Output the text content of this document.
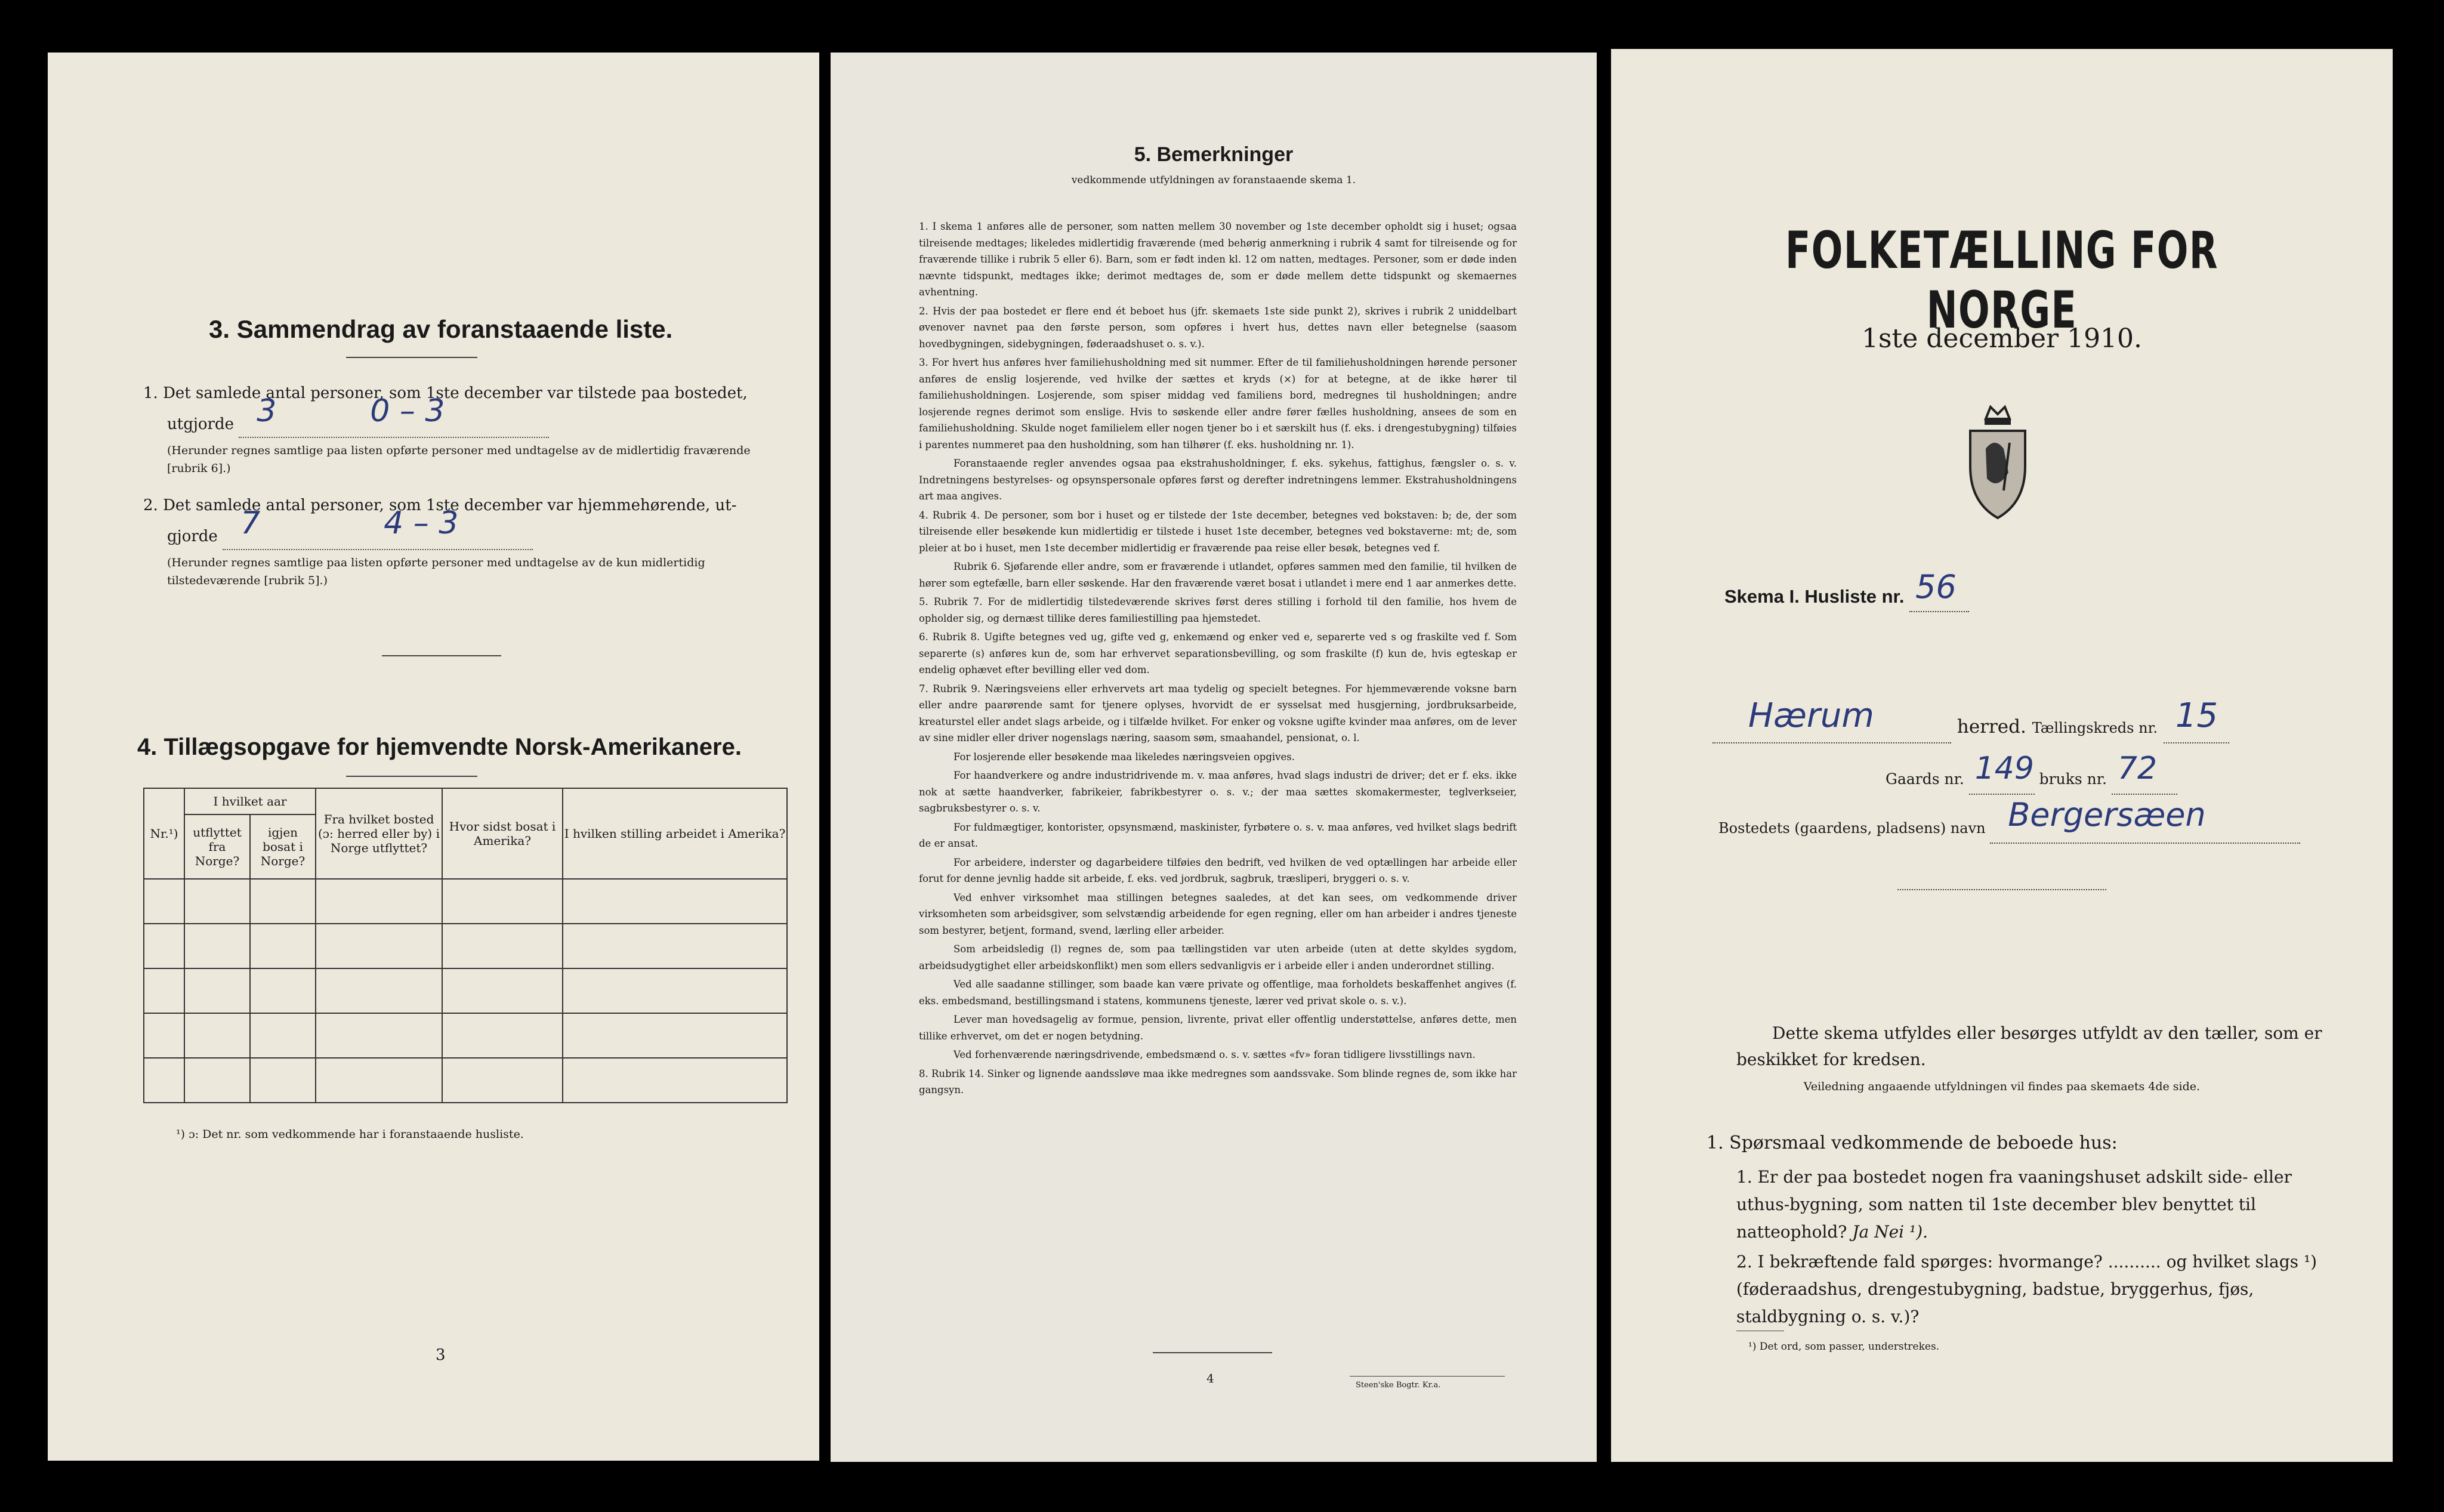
3. Sammendrag av foranstaaende liste.
1. Det samlede antal personer, som 1ste december var tilstede paa bostedet,
utgjorde 3	0 – 3
(Herunder regnes samtlige paa listen opførte personer med undtagelse av de midlertidig fraværende [rubrik 6].)
2. Det samlede antal personer, som 1ste december var hjemmehørende, ut-
gjorde 7	4 – 3
(Herunder regnes samtlige paa listen opførte personer med undtagelse av de kun midlertidig tilstedeværende [rubrik 5].)
4. Tillægsopgave for hjemvendte Norsk-Amerikanere.
Nr.¹)	I hvilket aar		Fra hvilket bosted (ɔ: herred eller by) i Norge utflyttet?	Hvor sidst bosat i Amerika?	I hvilken stilling arbeidet i Amerika?
	utflyttet fra Norge?	igjen bosat i Norge?			

¹) ɔ: Det nr. som vedkommende har i foranstaaende husliste.
3
5. Bemerkninger
vedkommende utfyldningen av foranstaaende skema 1.

1. I skema 1 anføres alle de personer, som natten mellem 30 november og 1ste december opholdt sig i huset; ogsaa tilreisende medtages; likeledes midlertidig fraværende (med behørig anmerkning i rubrik 4 samt for tilreisende og for fraværende tillike i rubrik 5 eller 6). Barn, som er født inden kl. 12 om natten, medtages. Personer, som er døde inden nævnte tidspunkt, medtages ikke; derimot medtages de, som er døde mellem dette tidspunkt og skemaernes avhentning.

2. Hvis der paa bostedet er flere end ét beboet hus (jfr. skemaets 1ste side punkt 2), skrives i rubrik 2 uniddelbart øvenover navnet paa den første person, som opføres i hvert hus, dettes navn eller betegnelse (saasom hovedbygningen, sidebygningen, føderaadshuset o. s. v.).

3. For hvert hus anføres hver familiehusholdning med sit nummer. Efter de til familiehusholdningen hørende personer anføres de enslig losjerende, ved hvilke der sættes et kryds (×) for at betegne, at de ikke hører til familiehusholdningen. Losjerende, som spiser middag ved familiens bord, medregnes til husholdningen; andre losjerende regnes derimot som enslige. Hvis to søskende eller andre fører fælles husholdning, ansees de som en familiehusholdning. Skulde noget familielem eller nogen tjener bo i et særskilt hus (f. eks. i drengestubygning) tilføies i parentes nummeret paa den husholdning, som han tilhører (f. eks. husholdning nr. 1).

Foranstaaende regler anvendes ogsaa paa ekstrahusholdninger, f. eks. sykehus, fattighus, fængsler o. s. v. Indretningens bestyrelses- og opsynspersonale opføres først og derefter indretningens lemmer. Ekstrahusholdningens art maa angives.

4. Rubrik 4. De personer, som bor i huset og er tilstede der 1ste december, betegnes ved bokstaven: b; de, der som tilreisende eller besøkende kun midlertidig er tilstede i huset 1ste december, betegnes ved bokstaverne: mt; de, som pleier at bo i huset, men 1ste december midlertidig er fraværende paa reise eller besøk, betegnes ved f.

Rubrik 6. Sjøfarende eller andre, som er fraværende i utlandet, opføres sammen med den familie, til hvilken de hører som egtefælle, barn eller søskende. Har den fraværende været bosat i utlandet i mere end 1 aar anmerkes dette.

5. Rubrik 7. For de midlertidig tilstedeværende skrives først deres stilling i forhold til den familie, hos hvem de opholder sig, og dernæst tillike deres familiestilling paa hjemstedet.

6. Rubrik 8. Ugifte betegnes ved ug, gifte ved g, enkemænd og enker ved e, separerte ved s og fraskilte ved f. Som separerte (s) anføres kun de, som har erhvervet separationsbevilling, og som fraskilte (f) kun de, hvis egteskap er endelig ophævet efter bevilling eller ved dom.

7. Rubrik 9. Næringsveiens eller erhvervets art maa tydelig og specielt betegnes. For hjemmeværende voksne barn eller andre paarørende samt for tjenere oplyses, hvorvidt de er sysselsat med husgjerning, jordbruksarbeide, kreaturstel eller andet slags arbeide, og i tilfælde hvilket. For enker og voksne ugifte kvinder maa anføres, om de lever av sine midler eller driver nogenslags næring, saasom søm, smaahandel, pensionat, o. l.

For losjerende eller besøkende maa likeledes næringsveien opgives.

For haandverkere og andre industridrivende m. v. maa anføres, hvad slags industri de driver; det er f. eks. ikke nok at sætte haandverker, fabrikeier, fabrikbestyrer o. s. v.; der maa sættes skomakermester, teglverkseier, sagbruksbestyrer o. s. v.

For fuldmægtiger, kontorister, opsynsmænd, maskinister, fyrbøtere o. s. v. maa anføres, ved hvilket slags bedrift de er ansat.

For arbeidere, inderster og dagarbeidere tilføies den bedrift, ved hvilken de ved optællingen har arbeide eller forut for denne jevnlig hadde sit arbeide, f. eks. ved jordbruk, sagbruk, træsliperi, bryggeri o. s. v.

Ved enhver virksomhet maa stillingen betegnes saaledes, at det kan sees, om vedkommende driver virksomheten som arbeidsgiver, som selvstændig arbeidende for egen regning, eller om han arbeider i andres tjeneste som bestyrer, betjent, formand, svend, lærling eller arbeider.

Som arbeidsledig (l) regnes de, som paa tællingstiden var uten arbeide (uten at dette skyldes sygdom, arbeidsudygtighet eller arbeidskonflikt) men som ellers sedvanligvis er i arbeide eller i anden underordnet stilling.

Ved alle saadanne stillinger, som baade kan være private og offentlige, maa forholdets beskaffenhet angives (f. eks. embedsmand, bestillingsmand i statens, kommunens tjeneste, lærer ved privat skole o. s. v.).

Lever man hovedsagelig av formue, pension, livrente, privat eller offentlig understøttelse, anføres dette, men tillike erhvervet, om det er nogen betydning.

Ved forhenværende næringsdrivende, embedsmænd o. s. v. sættes «fv» foran tidligere livsstillings navn.

8. Rubrik 14. Sinker og lignende aandssløve maa ikke medregnes som aandssvake. Som blinde regnes de, som ikke har gangsyn.

4	Steen'ske Bogtr. Kr.a.
FOLKETÆLLING FOR NORGE
1ste december 1910.
Skema I. Husliste nr. 56
Hærum	herred. Tællingskreds nr. 15
Gaards nr. 149 bruks nr. 72
Bostedets (gaardens, pladsens) navn Bergersæen
Dette skema utfyldes eller besørges utfyldt av den tæller, som er beskikket for kredsen.
Veiledning angaaende utfyldningen vil findes paa skemaets 4de side.
1. Spørsmaal vedkommende de beboede hus:
1. Er der paa bostedet nogen fra vaaningshuset adskilt side- eller uthus-bygning, som natten til 1ste december blev benyttet til natteophold? Ja Nei ¹).
2. I bekræftende fald spørges: hvormange? .......... og hvilket slags ¹) (føderaadshus, drengestubygning, badstue, bryggerhus, fjøs, staldbygning o. s. v.)?
¹) Det ord, som passer, understrekes.
